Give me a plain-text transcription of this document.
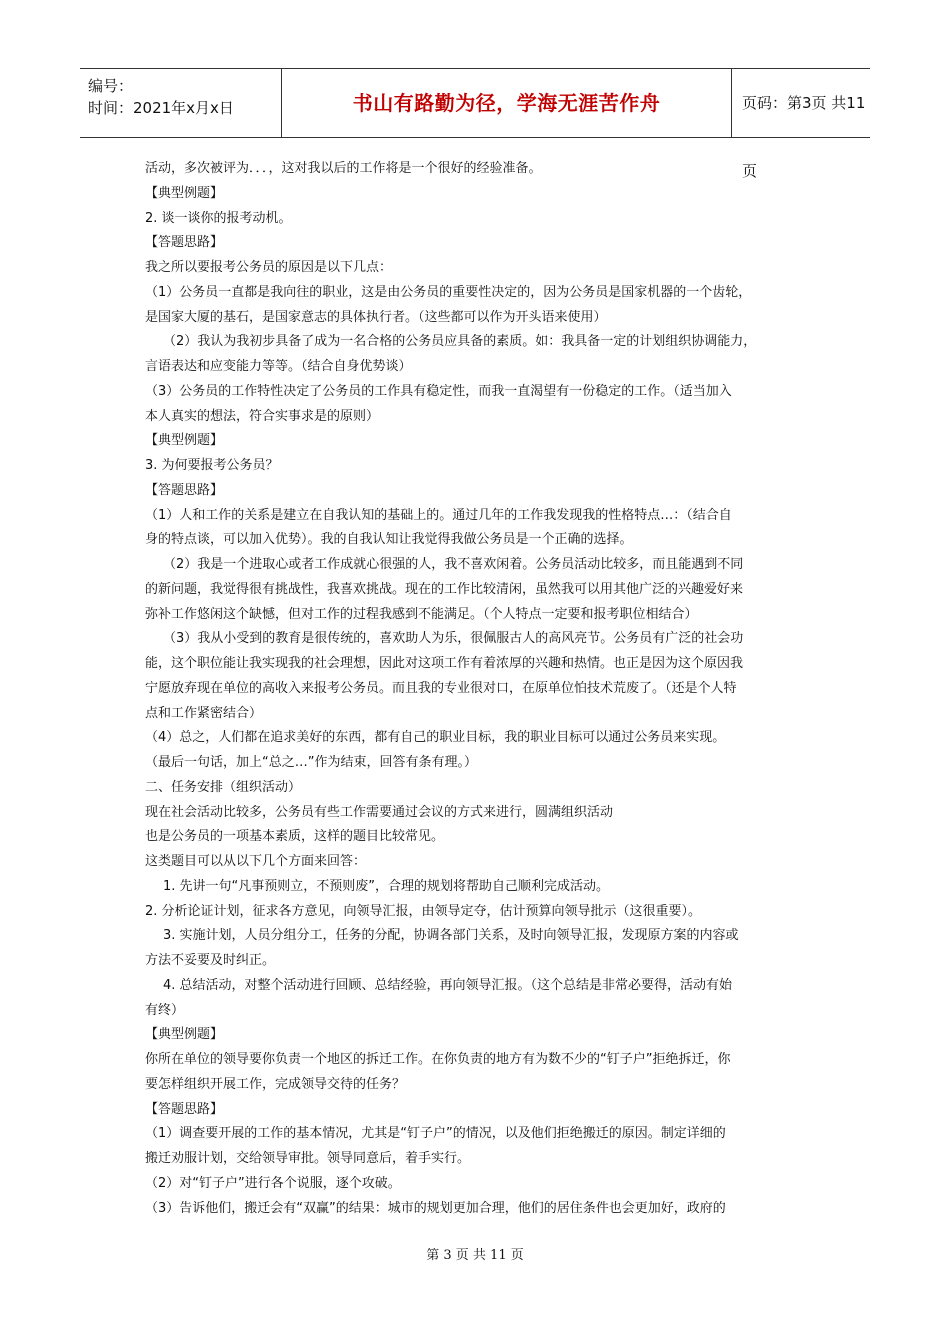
编号：
时间：2021年x月x日	书山有路勤为径，学海无涯苦作舟	页码：第3页 共11页
活动，多次被评为．．．，这对我以后的工作将是一个很好的经验准备。
【典型例题】
2. 谈一谈你的报考动机。
【答题思路】
我之所以要报考公务员的原因是以下几点：
（1）公务员一直都是我向往的职业，这是由公务员的重要性决定的，因为公务员是国家机器的一个齿轮，
是国家大厦的基石，是国家意志的具体执行者。（这些都可以作为开头语来使用）
（2）我认为我初步具备了成为一名合格的公务员应具备的素质。如：我具备一定的计划组织协调能力，
言语表达和应变能力等等。（结合自身优势谈）
（3）公务员的工作特性决定了公务员的工作具有稳定性，而我一直渴望有一份稳定的工作。（适当加入
本人真实的想法，符合实事求是的原则）
【典型例题】
3. 为何要报考公务员？
【答题思路】
（1）人和工作的关系是建立在自我认知的基础上的。通过几年的工作我发现我的性格特点…：（结合自
身的特点谈，可以加入优势）。我的自我认知让我觉得我做公务员是一个正确的选择。
（2）我是一个进取心或者工作成就心很强的人，我不喜欢闲着。公务员活动比较多，而且能遇到不同
的新问题，我觉得很有挑战性，我喜欢挑战。现在的工作比较清闲，虽然我可以用其他广泛的兴趣爱好来
弥补工作悠闲这个缺憾，但对工作的过程我感到不能满足。（个人特点一定要和报考职位相结合）
（3）我从小受到的教育是很传统的，喜欢助人为乐，很佩服古人的高风亮节。公务员有广泛的社会功
能，这个职位能让我实现我的社会理想，因此对这项工作有着浓厚的兴趣和热情。也正是因为这个原因我
宁愿放弃现在单位的高收入来报考公务员。而且我的专业很对口，在原单位怕技术荒废了。（还是个人特
点和工作紧密结合）
（4）总之，人们都在追求美好的东西，都有自己的职业目标，我的职业目标可以通过公务员来实现。
（最后一句话，加上“总之…”作为结束，回答有条有理。）
二、任务安排（组织活动）
现在社会活动比较多，公务员有些工作需要通过会议的方式来进行，圆满组织活动
也是公务员的一项基本素质，这样的题目比较常见。
这类题目可以从以下几个方面来回答：
1. 先讲一句“凡事预则立，不预则废”，合理的规划将帮助自己顺利完成活动。
2. 分析论证计划，征求各方意见，向领导汇报，由领导定夺，估计预算向领导批示（这很重要）。
3. 实施计划，人员分组分工，任务的分配，协调各部门关系，及时向领导汇报，发现原方案的内容或
方法不妥要及时纠正。
4. 总结活动，对整个活动进行回顾、总结经验，再向领导汇报。（这个总结是非常必要得，活动有始
有终）
【典型例题】
你所在单位的领导要你负责一个地区的拆迁工作。在你负责的地方有为数不少的“钉子户”拒绝拆迁，你
要怎样组织开展工作，完成领导交待的任务？
【答题思路】
（1）调查要开展的工作的基本情况，尤其是“钉子户”的情况，以及他们拒绝搬迁的原因。制定详细的
搬迁劝服计划，交给领导审批。领导同意后，着手实行。
（2）对“钉子户”进行各个说服，逐个攻破。
（3）告诉他们，搬迁会有“双赢”的结果：城市的规划更加合理，他们的居住条件也会更加好，政府的
第 3 页 共 11 页
